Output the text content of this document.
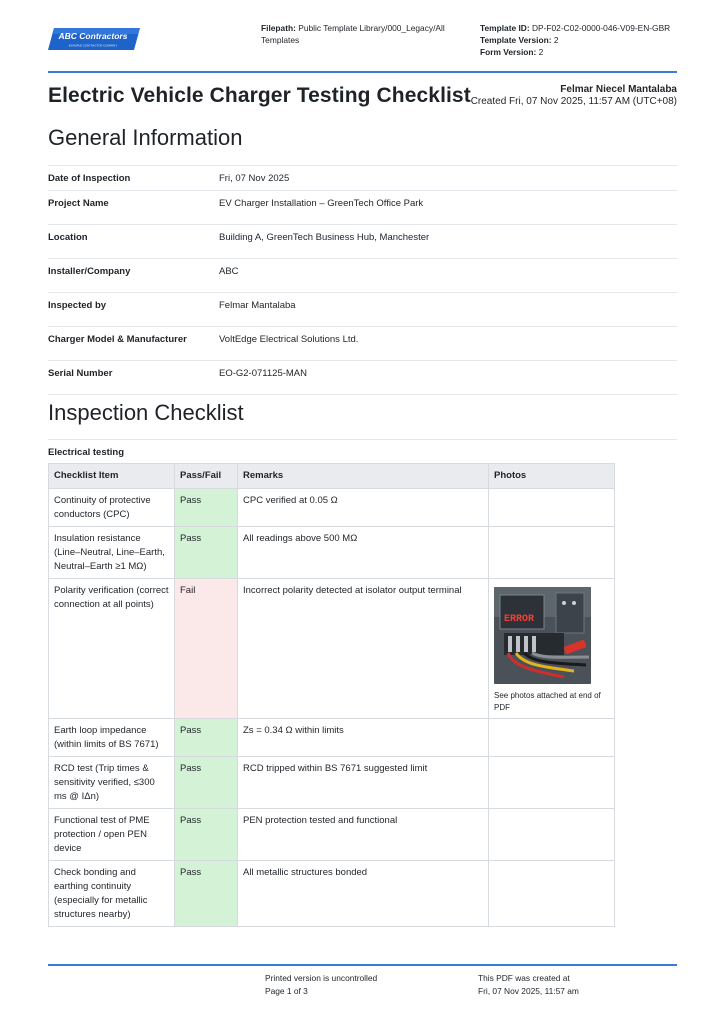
ABC Contractors
EXAMPLE CONTRACTOR COMPANY
Filepath: Public Template Library/000_Legacy/All
Templates
Template ID: DP-F02-C02-0000-046-V09-EN-GBR
Template Version: 2
Form Version: 2
Electric Vehicle Charger Testing Checklist	Felmar Niecel Mantalaba
Created Fri, 07 Nov 2025, 11:57 AM (UTC+08)
General Information
Date of Inspection	Fri, 07 Nov 2025
Project Name	EV Charger Installation – GreenTech Office Park
Location	Building A, GreenTech Business Hub, Manchester
Installer/Company	ABC
Inspected by	Felmar Mantalaba
Charger Model & Manufacturer	VoltEdge Electrical Solutions Ltd.
Serial Number	EO-G2-071125-MAN
Inspection Checklist
Electrical testing
Checklist Item	Pass/Fail	Remarks	Photos
Continuity of protective conductors (CPC)	Pass	CPC verified at 0.05 Ω	
Insulation resistance (Line–Neutral, Line–Earth, Neutral–Earth ≥1 MΩ)	Pass	All readings above 500 MΩ	
Polarity verification (correct connection at all points)	Fail	Incorrect polarity detected at isolator output terminal	ERROR
See photos attached at end of PDF

Earth loop impedance (within limits of BS 7671)	Pass	Zs = 0.34 Ω within limits	
RCD test (Trip times & sensitivity verified, ≤300 ms @ IΔn)	Pass	RCD tripped within BS 7671 suggested limit	
Functional test of PME protection / open PEN device	Pass	PEN protection tested and functional	
Check bonding and earthing continuity (especially for metallic structures nearby)	Pass	All metallic structures bonded	
Printed version is uncontrolled
Page 1 of 3
This PDF was created at
Fri, 07 Nov 2025, 11:57 am
